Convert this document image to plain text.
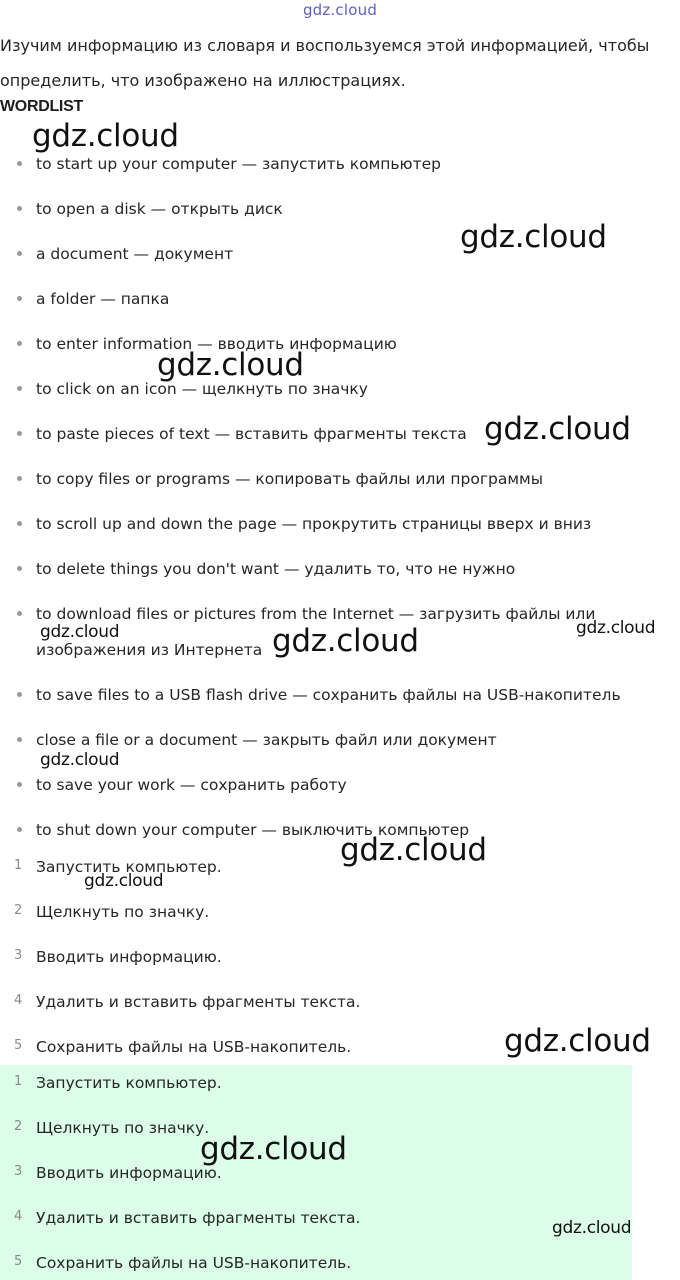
gdz.cloud
Изучим информацию из словаря и воспользуемся этой информацией, чтобы определить, что изображено на иллюстрациях.
WORDLIST
to start up your computer — запустить компьютер
to open a disk — открыть диск
a document — документ
a folder — папка
to enter information — вводить информацию
to click on an icon — щелкнуть по значку
to paste pieces of text — вставить фрагменты текста
to copy files or programs — копировать файлы или программы
to scroll up and down the page — прокрутить страницы вверх и вниз
to delete things you don't want — удалить то, что не нужно
to download files or pictures from the Internet — загрузить файлы или изображения из Интернета
to save files to a USB flash drive — сохранить файлы на USB-накопитель
close a file or a document — закрыть файл или документ
to save your work — сохранить работу
to shut down your computer — выключить компьютер
1 Запустить компьютер.
2 Щелкнуть по значку.
3 Вводить информацию.
4 Удалить и вставить фрагменты текста.
5 Сохранить файлы на USB-накопитель.
1 Запустить компьютер.
2 Щелкнуть по значку.
3 Вводить информацию.
4 Удалить и вставить фрагменты текста.
5 Сохранить файлы на USB-накопитель.
gdz.cloud
gdz.cloud
gdz.cloud
gdz.cloud
gdz.cloud	gdz.cloud
gdz.cloud
gdz.cloud
gdz.cloud
gdz.cloud
gdz.cloud
gdz.cloud
gdz.cloud
